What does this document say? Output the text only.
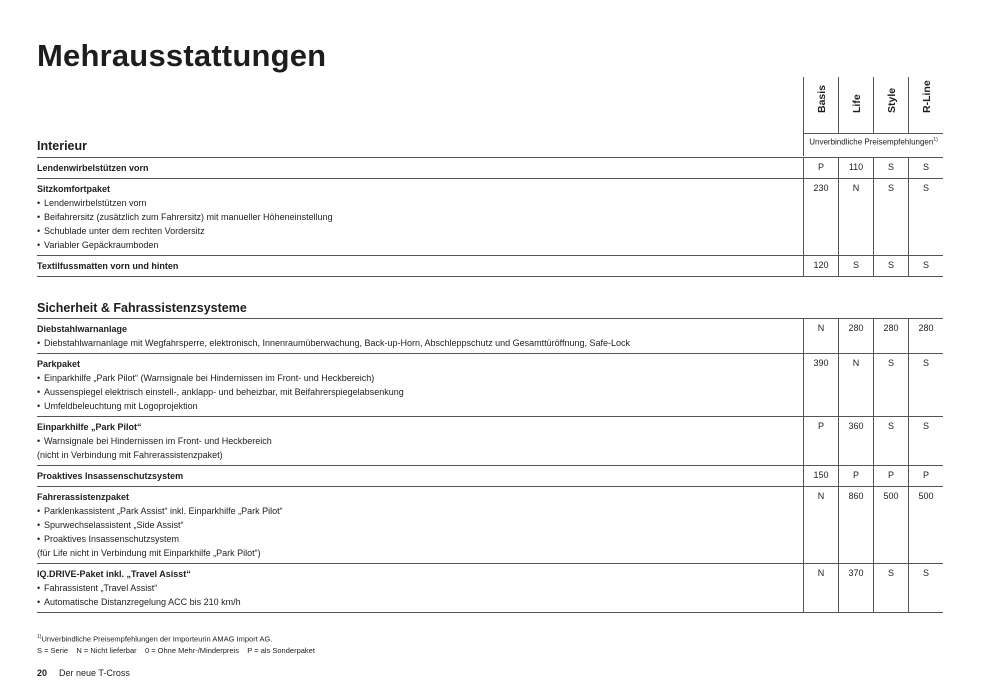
Mehrausstattungen
Basis Life Style R-Line
Unverbindliche Preisempfehlungen$^{1)}$
Interieur
Lendenwirbelstützen vorn	P	110	S	S
Sitzkomfortpaket
• Lendenwirbelstützen vorn
• Beifahrersitz (zusätzlich zum Fahrersitz) mit manueller Höheneinstellung
• Schublade unter dem rechten Vordersitz
• Variabler Gepäckraumboden
230	N	S	S
Textilfussmatten vorn und hinten	120	S	S	S
Sicherheit & Fahrassistenzsysteme
Diebstahlwarnanlage
• Diebstahlwarnanlage mit Wegfahrsperre, elektronisch, Innenraumüberwachung, Back-up-Horn, Abschleppschutz und Gesamttüröffnung, Safe-Lock
N	280	280	280
Parkpaket
• Einparkhilfe „Park Pilot“ (Warnsignale bei Hindernissen im Front- und Heckbereich)
• Aussenspiegel elektrisch einstell-, anklapp- und beheizbar, mit Beifahrerspiegelabsenkung
• Umfeldbeleuchtung mit Logoprojektion
390	N	S	S
Einparkhilfe „Park Pilot“
• Warnsignale bei Hindernissen im Front- und Heckbereich
(nicht in Verbindung mit Fahrerassistenzpaket)
P	360	S	S
Proaktives Insassenschutzsystem	150	P	P	P
Fahrerassistenzpaket
• Parklenkassistent „Park Assist“ inkl. Einparkhilfe „Park Pilot“
• Spurwechselassistent „Side Assist“
• Proaktives Insassenschutzsystem
(für Life nicht in Verbindung mit Einparkhilfe „Park Pilot“)
N	860	500	500
IQ.DRIVE-Paket inkl. „Travel Asisst“
• Fahrassistent „Travel Assist“
• Automatische Distanzregelung ACC bis 210 km/h
N	370	S	S
$^{1)}$Unverbindliche Preisempfehlungen der Importeurin AMAG Import AG.
S = Serie    N = Nicht lieferbar    0 = Ohne Mehr-/Minderpreis    P = als Sonderpaket
20 Der neue T-Cross
